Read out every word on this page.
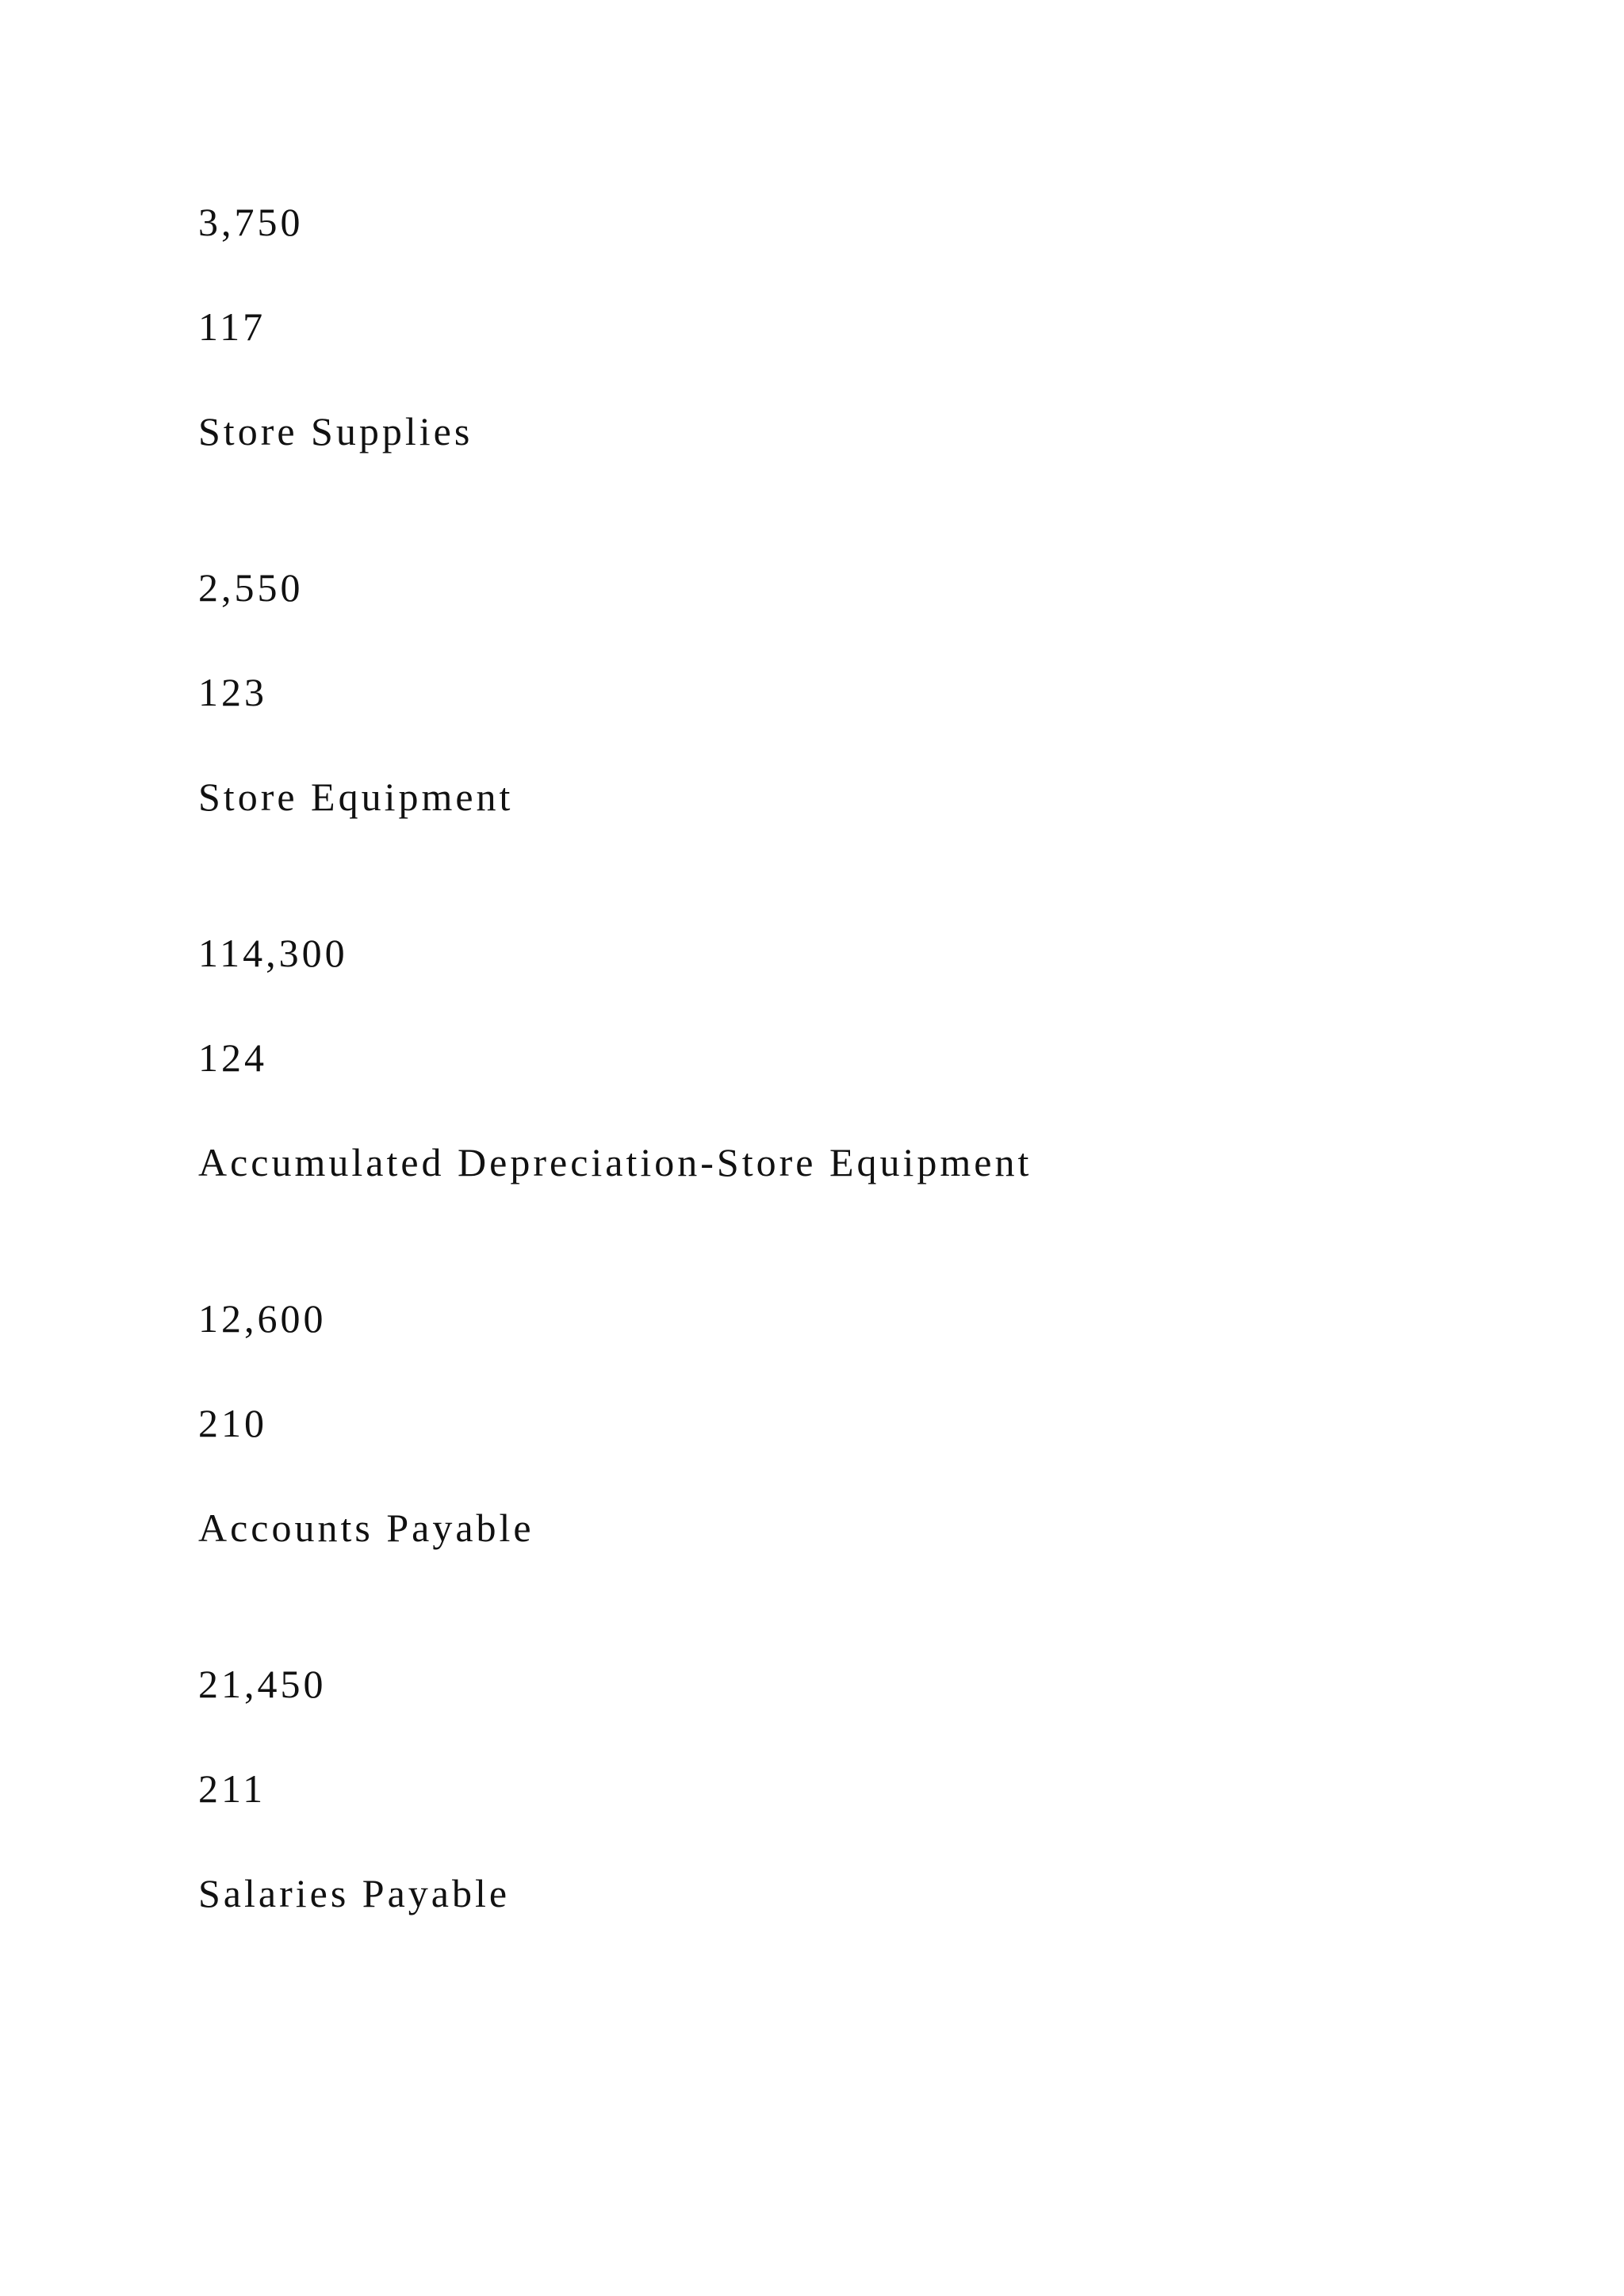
3,750
117
Store Supplies
2,550
123
Store Equipment
114,300
124
Accumulated Depreciation-Store Equipment
12,600
210
Accounts Payable
21,450
211
Salaries Payable
